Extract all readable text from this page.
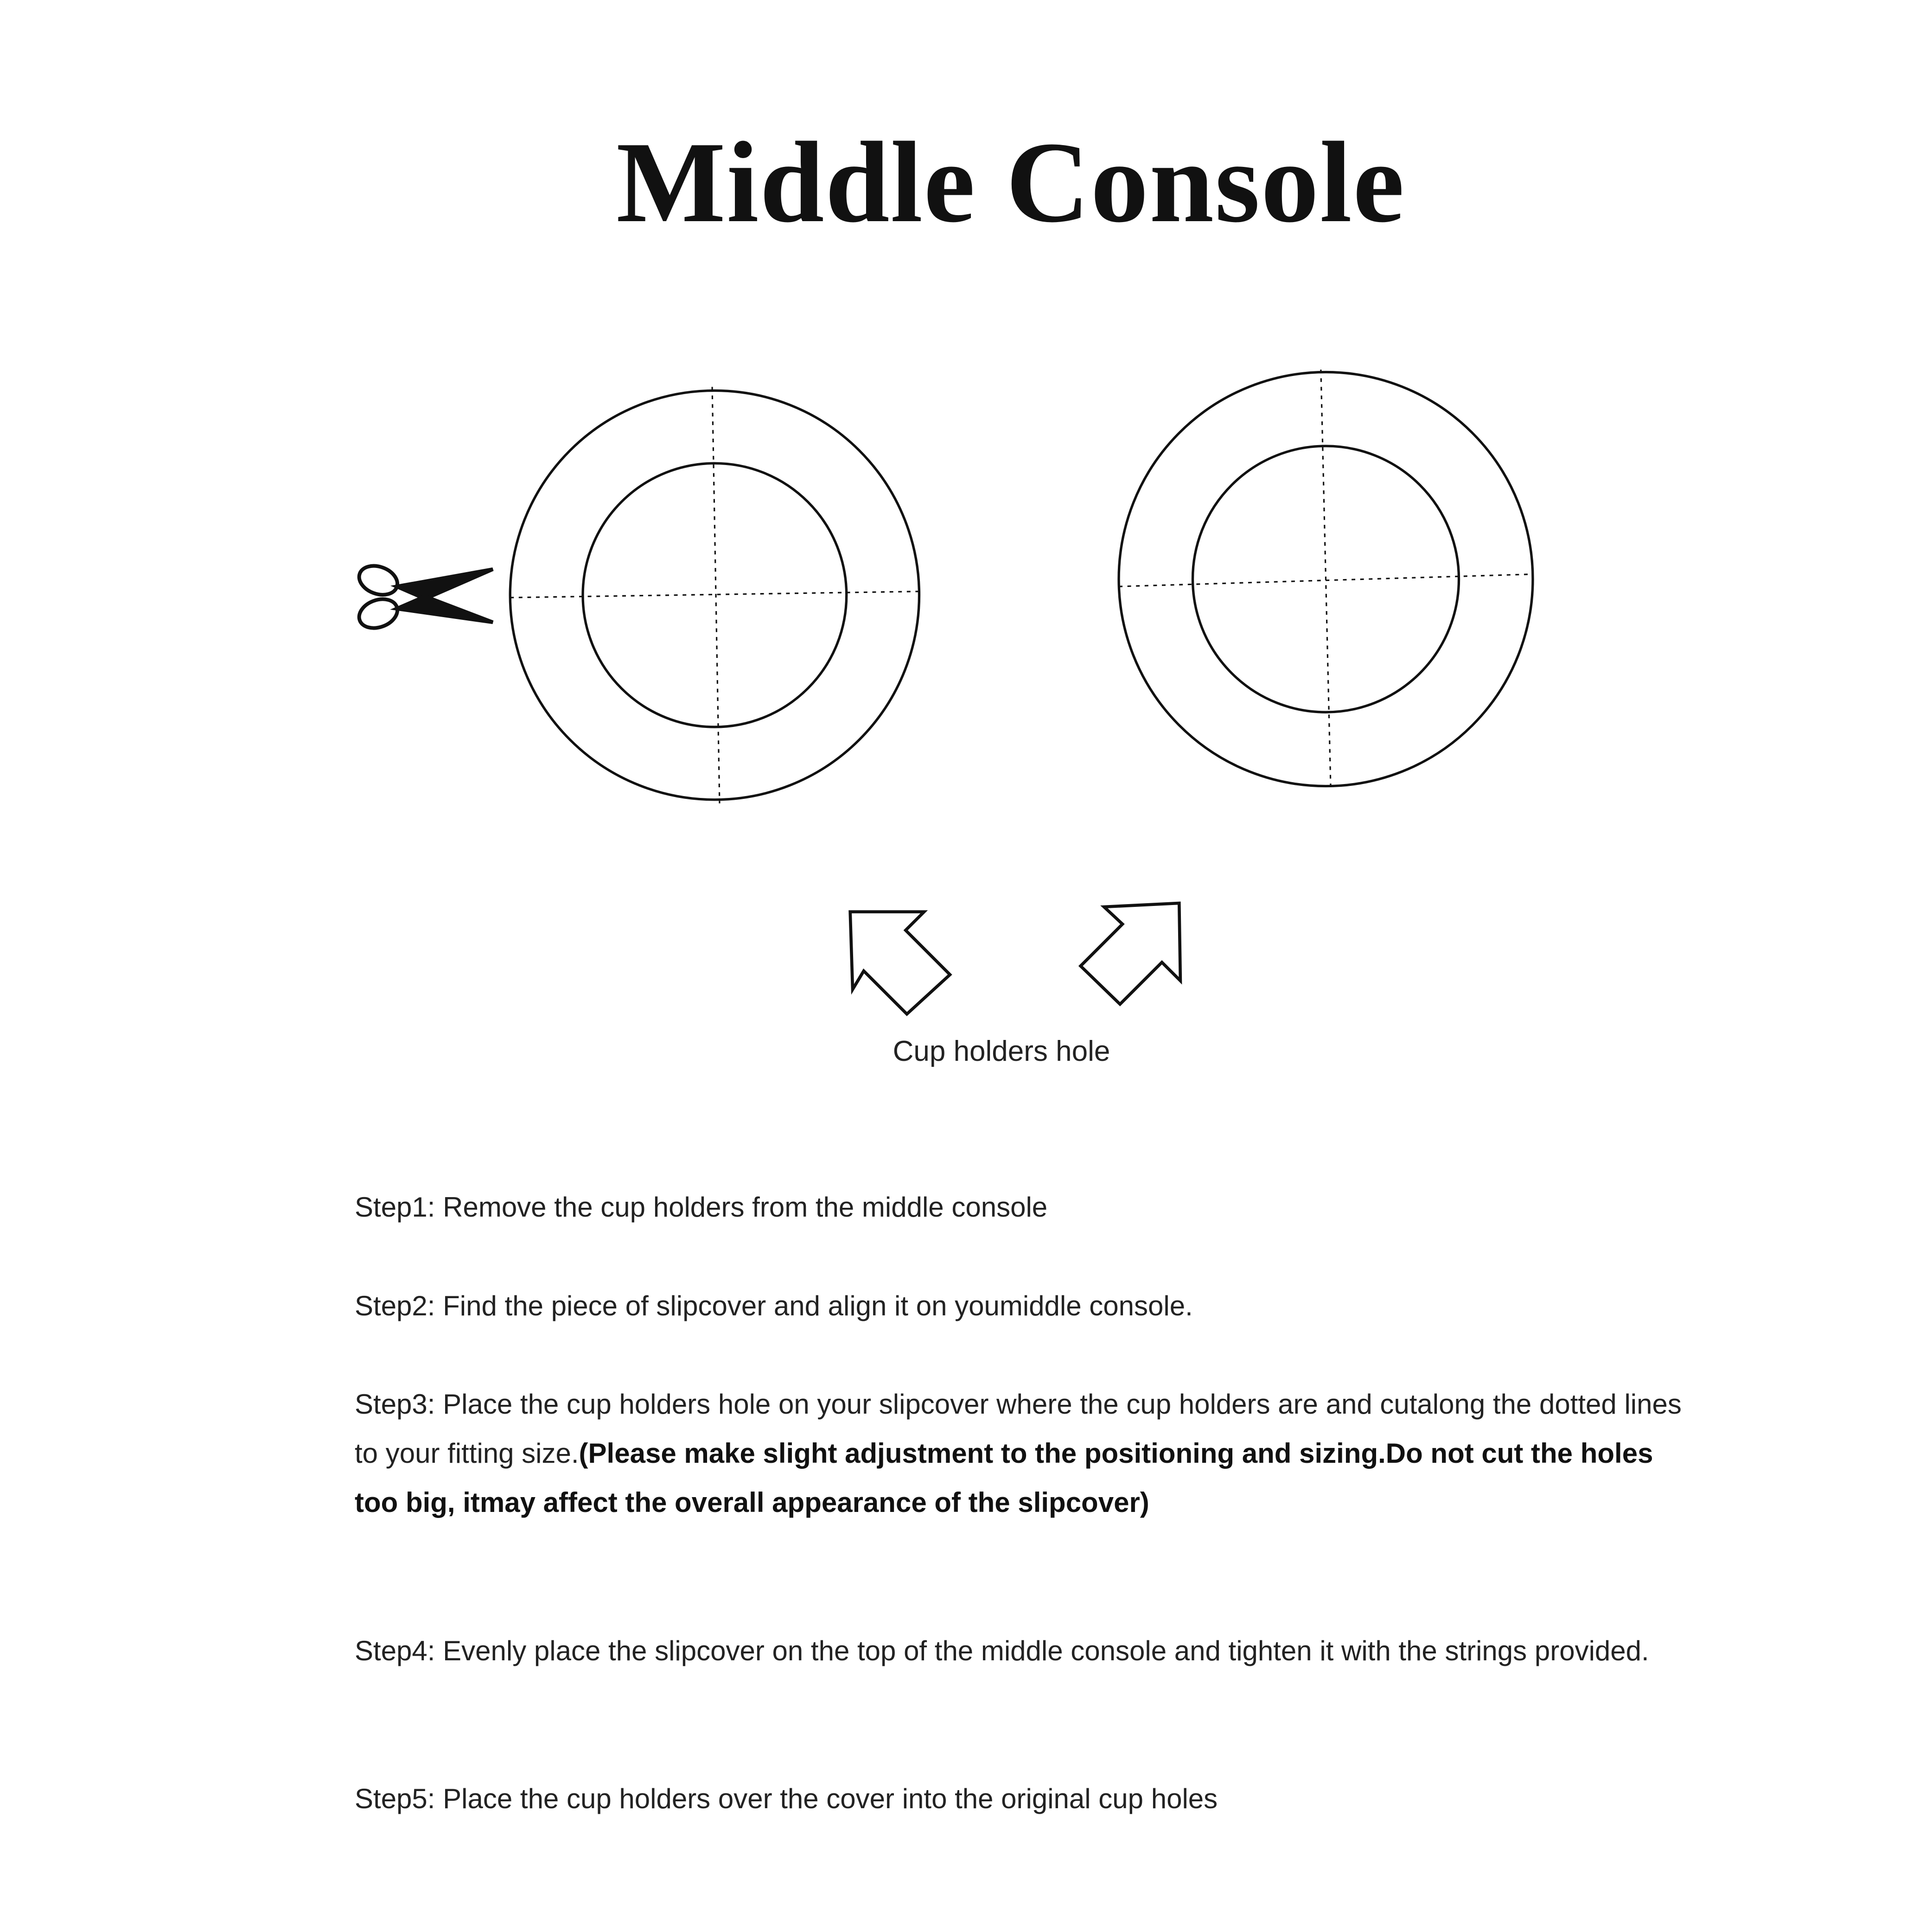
Middle Console
Cup holders hole

Step1: Remove the cup holders from the middle console

Step2: Find the piece of slipcover and align it on youmiddle console.

Step3: Place the cup holders hole on your slipcover where the cup holders are and cutalong the dotted lines to your fitting size.(Please make slight adjustment to the positioning and sizing.Do not cut the holes too big, itmay affect the overall appearance of the slipcover)

Step4: Evenly place the slipcover on the top of the middle console and tighten it with the strings provided.

Step5: Place the cup holders over the cover into the original cup holes
